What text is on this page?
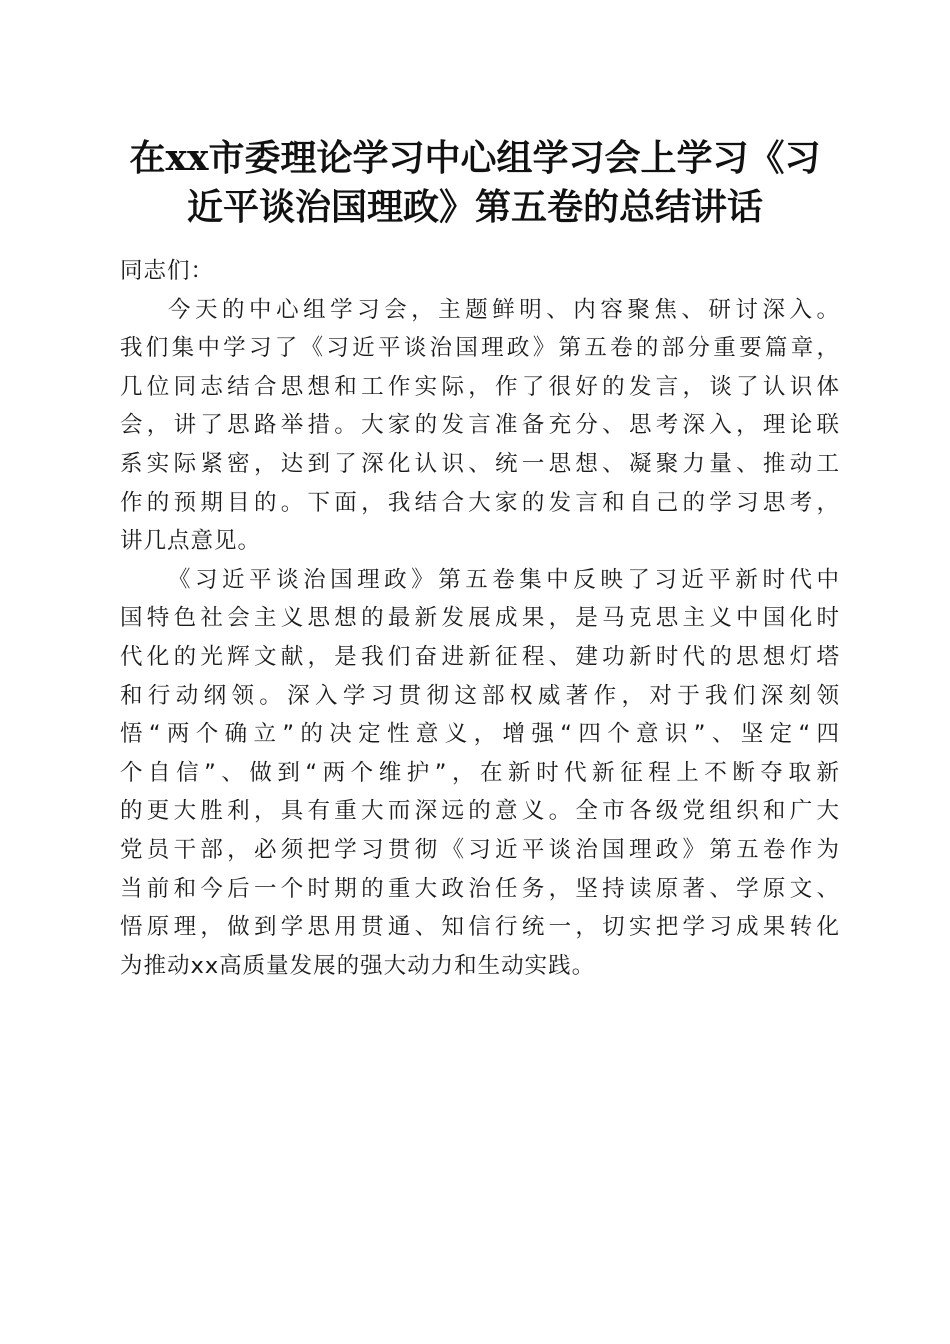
在xx市委理论学习中心组学习会上学习《习
近平谈治国理政》第五卷的总结讲话
同志们：
今天的中心组学习会，主题鲜明、内容聚焦、研讨深入。
我们集中学习了《习近平谈治国理政》第五卷的部分重要篇章，
几位同志结合思想和工作实际，作了很好的发言，谈了认识体
会，讲了思路举措。大家的发言准备充分、思考深入，理论联
系实际紧密，达到了深化认识、统一思想、凝聚力量、推动工
作的预期目的。下面，我结合大家的发言和自己的学习思考，
讲几点意见。
《习近平谈治国理政》第五卷集中反映了习近平新时代中
国特色社会主义思想的最新发展成果，是马克思主义中国化时
代化的光辉文献，是我们奋进新征程、建功新时代的思想灯塔
和行动纲领。深入学习贯彻这部权威著作，对于我们深刻领
悟“两个确立”的决定性意义，增强“四个意识”、坚定“四
个自信”、做到“两个维护”，在新时代新征程上不断夺取新
的更大胜利，具有重大而深远的意义。全市各级党组织和广大
党员干部，必须把学习贯彻《习近平谈治国理政》第五卷作为
当前和今后一个时期的重大政治任务，坚持读原著、学原文、
悟原理，做到学思用贯通、知信行统一，切实把学习成果转化
为推动xx高质量发展的强大动力和生动实践。
